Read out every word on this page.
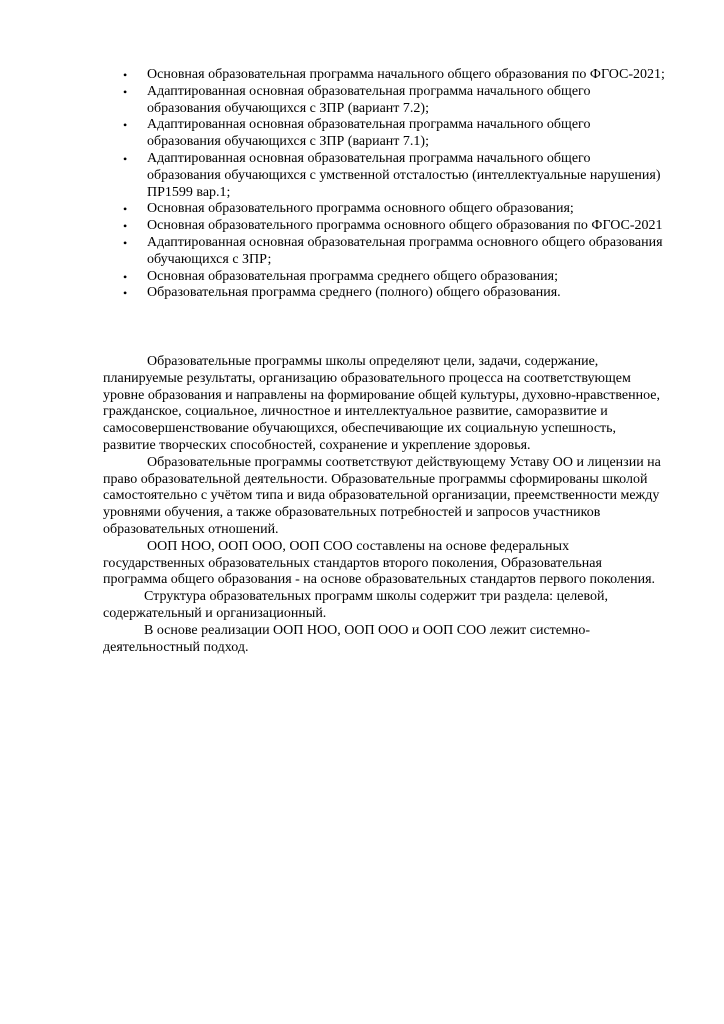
• Основная образовательная программа начального общего образования по ФГОС-2021;
• Адаптированная основная образовательная программа начального общего образования обучающихся с ЗПР (вариант 7.2);
• Адаптированная основная образовательная программа начального общего образования обучающихся с ЗПР (вариант 7.1);
• Адаптированная основная образовательная программа начального общего образования обучающихся с умственной отсталостью (интеллектуальные нарушения) ПР1599 вар.1;
• Основная образовательного программа основного общего образования;
• Основная образовательного программа основного общего образования по ФГОС-2021
• Адаптированная основная образовательная программа основного общего образования обучающихся с ЗПР;
• Основная образовательная программа среднего общего образования;
• Образовательная программа среднего (полного) общего образования.

Образовательные программы школы определяют цели, задачи, содержание, планируемые результаты, организацию образовательного процесса на соответствующем уровне образования и направлены на формирование общей культуры, духовно-нравственное, гражданское, социальное, личностное и интеллектуальное развитие, саморазвитие и самосовершенствование обучающихся, обеспечивающие их социальную успешность, развитие творческих способностей, сохранение и укрепление здоровья.

Образовательные программы соответствуют действующему Уставу ОО и лицензии на право образовательной деятельности. Образовательные программы сформированы школой самостоятельно с учётом типа и вида образовательной организации, преемственности между уровнями обучения, а также образовательных потребностей и запросов участников образовательных отношений.

ООП НОО, ООП ООО, ООП СОО составлены на основе федеральных государственных образовательных стандартов второго поколения, Образовательная программа общего образования - на основе образовательных стандартов первого поколения.

Структура образовательных программ школы содержит три раздела: целевой, содержательный и организационный.

В основе реализации ООП НОО, ООП ООО и ООП СОО лежит системно-деятельностный подход.
